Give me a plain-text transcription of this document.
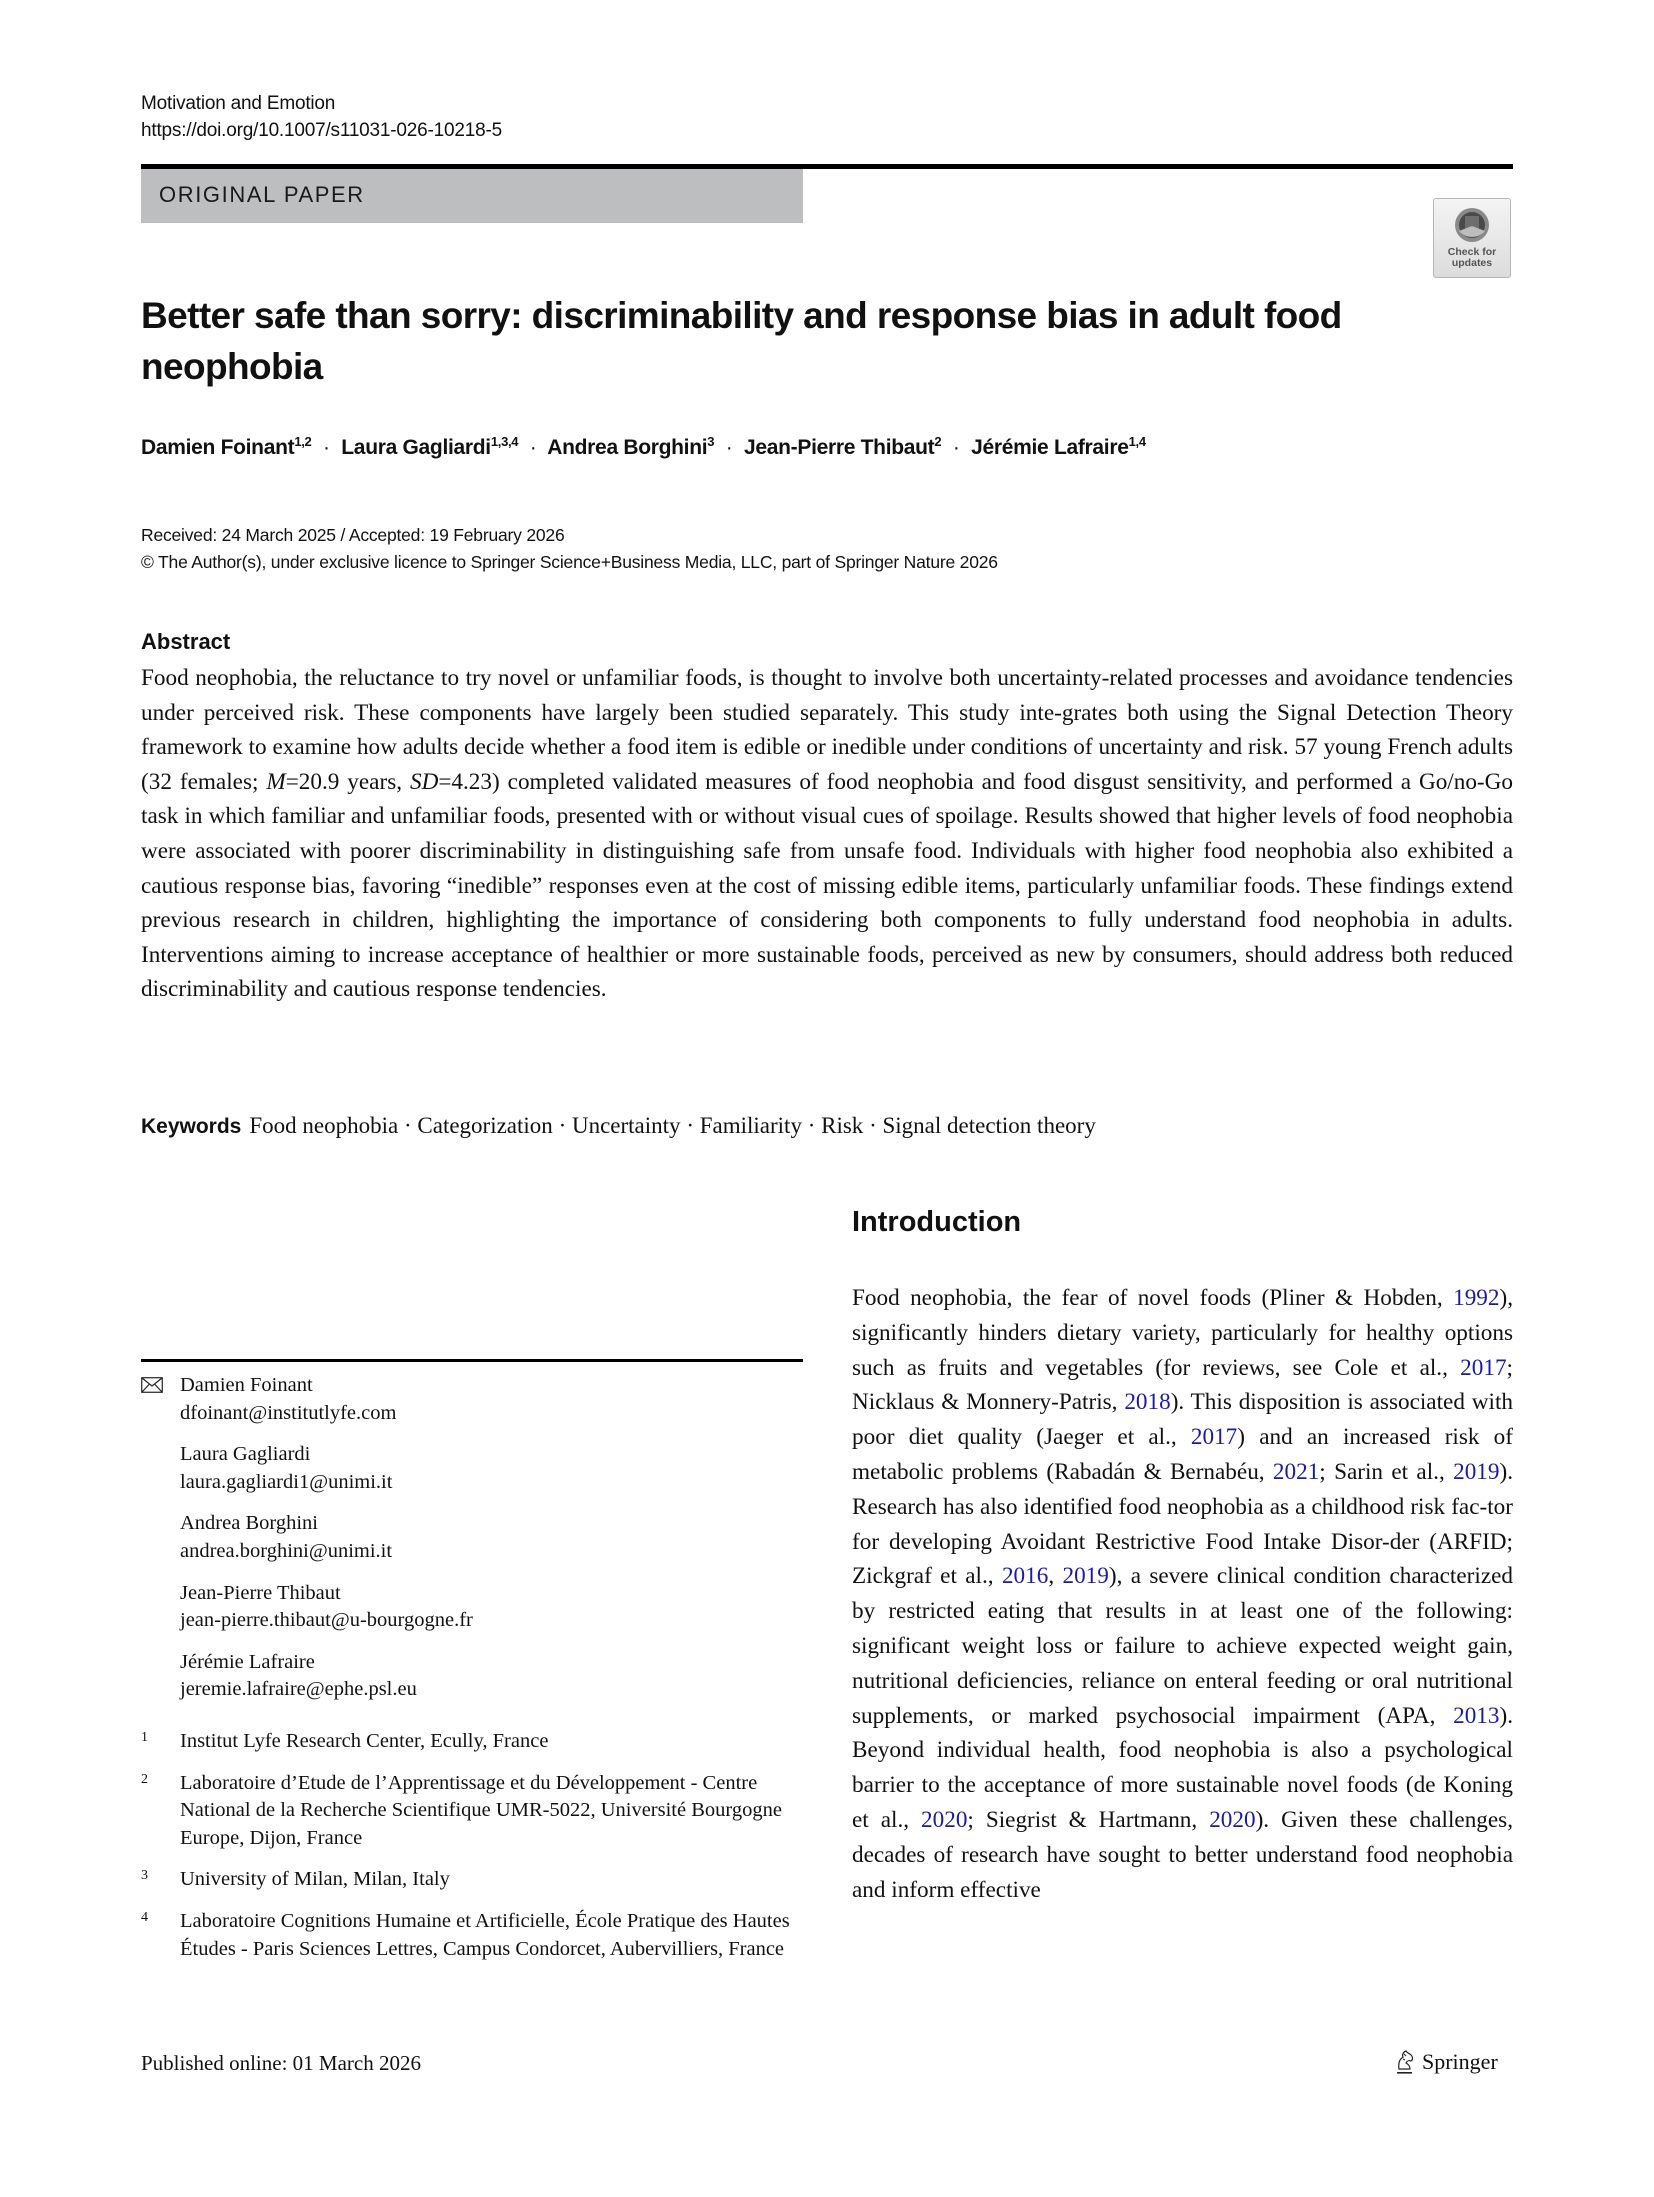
Motivation and Emotion
https://doi.org/10.1007/s11031-026-10218-5
ORIGINAL PAPER
Check for
updates
Better safe than sorry: discriminability and response bias in adult food neophobia
Damien Foinant$^{1,2}$ · Laura Gagliardi$^{1,3,4}$ · Andrea Borghini$^3$ · Jean-Pierre Thibaut$^2$ · Jérémie Lafraire$^{1,4}$
Received: 24 March 2025 / Accepted: 19 February 2026
© The Author(s), under exclusive licence to Springer Science+Business Media, LLC, part of Springer Nature 2026
Abstract
Food neophobia, the reluctance to try novel or unfamiliar foods, is thought to involve both uncertainty-related processes and avoidance tendencies under perceived risk. These components have largely been studied separately. This study inte-grates both using the Signal Detection Theory framework to examine how adults decide whether a food item is edible or inedible under conditions of uncertainty and risk. 57 young French adults (32 females; M=20.9 years, SD=4.23) completed validated measures of food neophobia and food disgust sensitivity, and performed a Go/no-Go task in which familiar and unfamiliar foods, presented with or without visual cues of spoilage. Results showed that higher levels of food neophobia were associated with poorer discriminability in distinguishing safe from unsafe food. Individuals with higher food neophobia also exhibited a cautious response bias, favoring “inedible” responses even at the cost of missing edible items, particularly unfamiliar foods. These findings extend previous research in children, highlighting the importance of considering both components to fully understand food neophobia in adults. Interventions aiming to increase acceptance of healthier or more sustainable foods, perceived as new by consumers, should address both reduced discriminability and cautious response tendencies.
Keywords Food neophobia · Categorization · Uncertainty · Familiarity · Risk · Signal detection theory
Introduction
Food neophobia, the fear of novel foods (Pliner & Hobden, 1992), significantly hinders dietary variety, particularly for healthy options such as fruits and vegetables (for reviews, see Cole et al., 2017; Nicklaus & Monnery-Patris, 2018). This disposition is associated with poor diet quality (Jaeger et al., 2017) and an increased risk of metabolic problems (Rabadán & Bernabéu, 2021; Sarin et al., 2019). Research has also identified food neophobia as a childhood risk fac-tor for developing Avoidant Restrictive Food Intake Disor-der (ARFID; Zickgraf et al., 2016, 2019), a severe clinical condition characterized by restricted eating that results in at least one of the following: significant weight loss or failure to achieve expected weight gain, nutritional deficiencies, reliance on enteral feeding or oral nutritional supplements, or marked psychosocial impairment (APA, 2013). Beyond individual health, food neophobia is also a psychological barrier to the acceptance of more sustainable novel foods (de Koning et al., 2020; Siegrist & Hartmann, 2020). Given these challenges, decades of research have sought to better understand food neophobia and inform effective
Damien Foinant
dfoinant@institutlyfe.com
Laura Gagliardi
laura.gagliardi1@unimi.it
Andrea Borghini
andrea.borghini@unimi.it
Jean-Pierre Thibaut
jean-pierre.thibaut@u-bourgogne.fr
Jérémie Lafraire
jeremie.lafraire@ephe.psl.eu
1 Institut Lyfe Research Center, Ecully, France
2 Laboratoire d’Etude de l’Apprentissage et du Développement - Centre National de la Recherche Scientifique UMR-5022, Université Bourgogne Europe, Dijon, France
3 University of Milan, Milan, Italy
4 Laboratoire Cognitions Humaine et Artificielle, École Pratique des Hautes Études - Paris Sciences Lettres, Campus Condorcet, Aubervilliers, France
Published online: 01 March 2026	Springer
